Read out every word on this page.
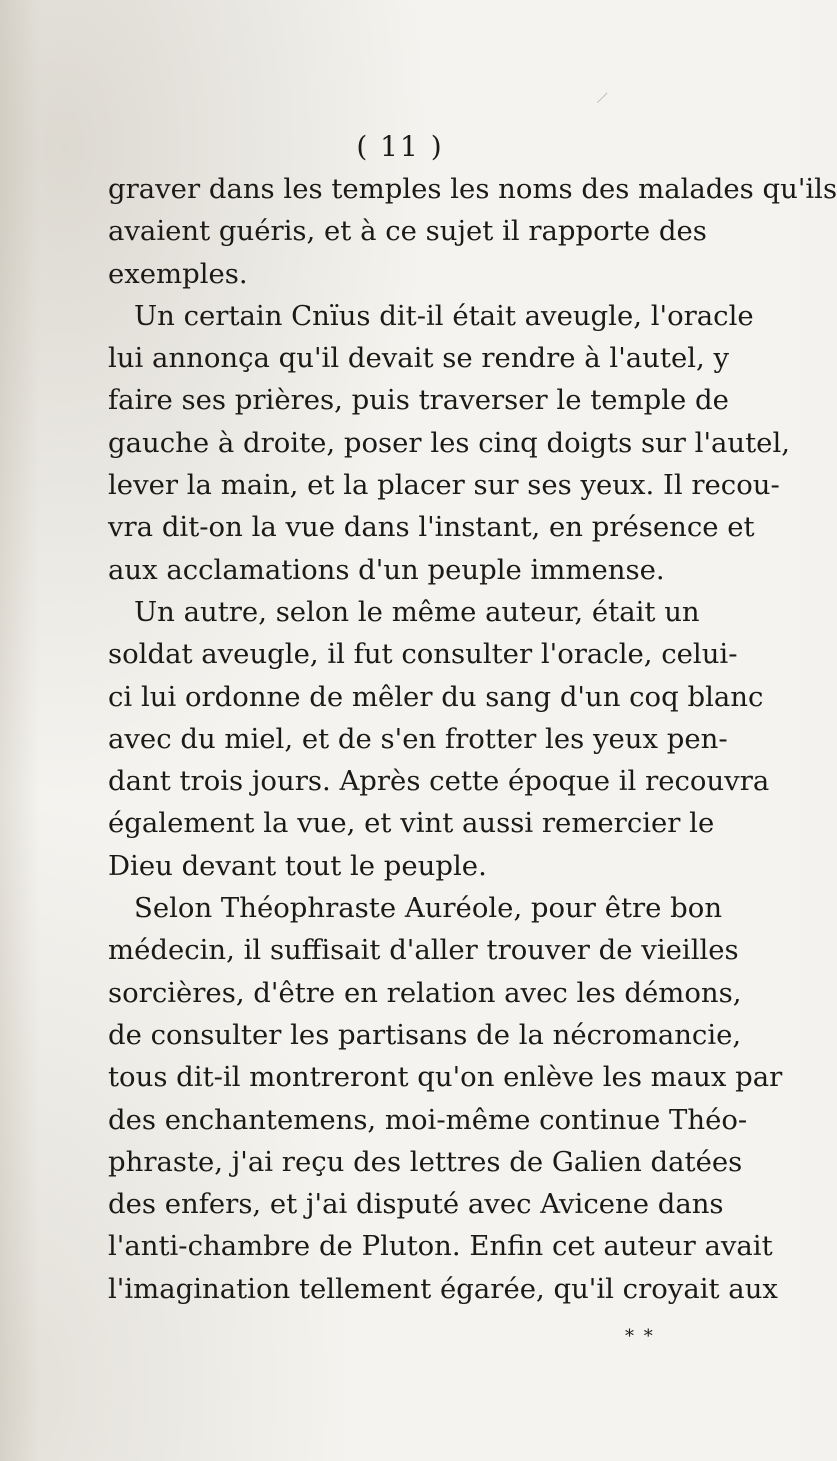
( 11 )
graver dans les temples les noms des malades qu'ils
avaient guéris, et à ce sujet il rapporte des
exemples.
Un certain Cnïus dit-il était aveugle, l'oracle
lui annonça qu'il devait se rendre à l'autel, y
faire ses prières, puis traverser le temple de
gauche à droite, poser les cinq doigts sur l'autel,
lever la main, et la placer sur ses yeux. Il recou-
vra dit-on la vue dans l'instant, en présence et
aux acclamations d'un peuple immense.
Un autre, selon le même auteur, était un
soldat aveugle, il fut consulter l'oracle, celui-
ci lui ordonne de mêler du sang d'un coq blanc
avec du miel, et de s'en frotter les yeux pen-
dant trois jours. Après cette époque il recouvra
également la vue, et vint aussi remercier le
Dieu devant tout le peuple.
Selon Théophraste Auréole, pour être bon
médecin, il suffisait d'aller trouver de vieilles
sorcières, d'être en relation avec les démons,
de consulter les partisans de la nécromancie,
tous dit-il montreront qu'on enlève les maux par
des enchantemens, moi-même continue Théo-
phraste, j'ai reçu des lettres de Galien datées
des enfers, et j'ai disputé avec Avicene dans
l'anti-chambre de Pluton. Enfin cet auteur avait
l'imagination tellement égarée, qu'il croyait aux
* *
